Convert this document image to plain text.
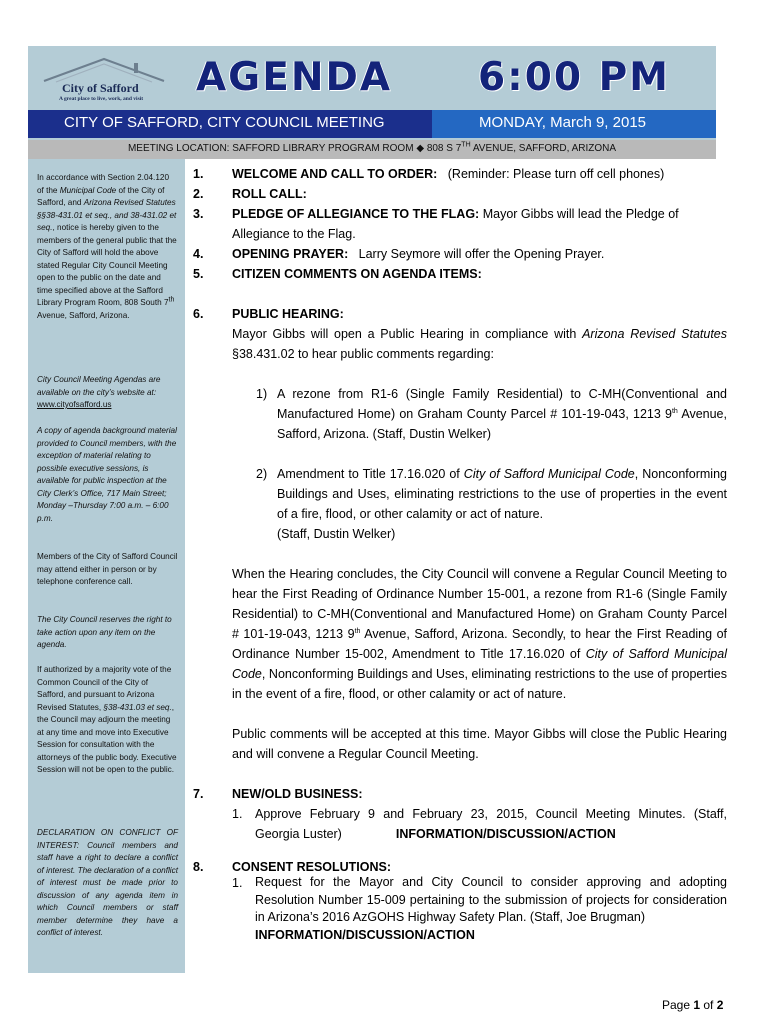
City of Safford
A great place to live, work, and visit	AGENDA 6:00 PM
CITY OF SAFFORD, CITY COUNCIL MEETING	MONDAY, March 9, 2015
MEETING LOCATION: SAFFORD LIBRARY PROGRAM ROOM ◆ 808 S 7TH AVENUE, SAFFORD, ARIZONA

In accordance with Section 2.04.120 of the Municipal Code of the City of Safford, and Arizona Revised Statutes §§38-431.01 et seq., and 38-431.02 et seq., notice is hereby given to the members of the general public that the City of Safford will hold the above stated Regular City Council Meeting open to the public on the date and time specified above at the Safford Library Program Room, 808 South 7th Avenue, Safford, Arizona.

City Council Meeting Agendas are available on the city’s website at:
www.cityofsafford.us

A copy of agenda background material provided to Council members, with the exception of material relating to possible executive sessions, is available for public inspection at the City Clerk’s Office, 717 Main Street; Monday –Thursday 7:00 a.m. – 6:00 p.m.

Members of the City of Safford Council may attend either in person or by telephone conference call.

The City Council reserves the right to take action upon any item on the agenda.

If authorized by a majority vote of the Common Council of the City of Safford, and pursuant to Arizona Revised Statutes, §38-431.03 et seq., the Council may adjourn the meeting at any time and move into Executive Session for consultation with the attorneys of the public body. Executive Session will not be open to the public.

DECLARATION ON CONFLICT OF INTEREST: Council members and staff have a right to declare a conflict of interest. The declaration of a conflict of interest must be made prior to discussion of any agenda item in which Council members or staff member determine they have a conflict of interest.

1. WELCOME AND CALL TO ORDER: (Reminder: Please turn off cell phones)

2. ROLL CALL:

3. PLEDGE OF ALLEGIANCE TO THE FLAG: Mayor Gibbs will lead the Pledge of Allegiance to the Flag.

4. OPENING PRAYER: Larry Seymore will offer the Opening Prayer.

5. CITIZEN COMMENTS ON AGENDA ITEMS:

6. PUBLIC HEARING:

Mayor Gibbs will open a Public Hearing in compliance with Arizona Revised Statutes §38.431.02 to hear public comments regarding:

1) A rezone from R1-6 (Single Family Residential) to C-MH(Conventional and Manufactured Home) on Graham County Parcel # 101-19-043, 1213 9th Avenue, Safford, Arizona. (Staff, Dustin Welker)

2) Amendment to Title 17.16.020 of City of Safford Municipal Code, Nonconforming Buildings and Uses, eliminating restrictions to the use of properties in the event of a fire, flood, or other calamity or act of nature.
(Staff, Dustin Welker)

When the Hearing concludes, the City Council will convene a Regular Council Meeting to hear the First Reading of Ordinance Number 15-001, a rezone from R1-6 (Single Family Residential) to C-MH(Conventional and Manufactured Home) on Graham County Parcel # 101-19-043, 1213 9th Avenue, Safford, Arizona. Secondly, to hear the First Reading of Ordinance Number 15-002, Amendment to Title 17.16.020 of City of Safford Municipal Code, Nonconforming Buildings and Uses, eliminating restrictions to the use of properties in the event of a fire, flood, or other calamity or act of nature.

Public comments will be accepted at this time. Mayor Gibbs will close the Public Hearing and will convene a Regular Council Meeting.

7. NEW/OLD BUSINESS:

1. Approve February 9 and February 23, 2015, Council Meeting Minutes. (Staff, Georgia Luster)	INFORMATION/DISCUSSION/ACTION

8. CONSENT RESOLUTIONS:

1. Request for the Mayor and City Council to consider approving and adopting Resolution Number 15-009 pertaining to the submission of projects for consideration in Arizona’s 2016 AzGOHS Highway Safety Plan. (Staff, Joe Brugman)
INFORMATION/DISCUSSION/ACTION

Page 1 of 2
